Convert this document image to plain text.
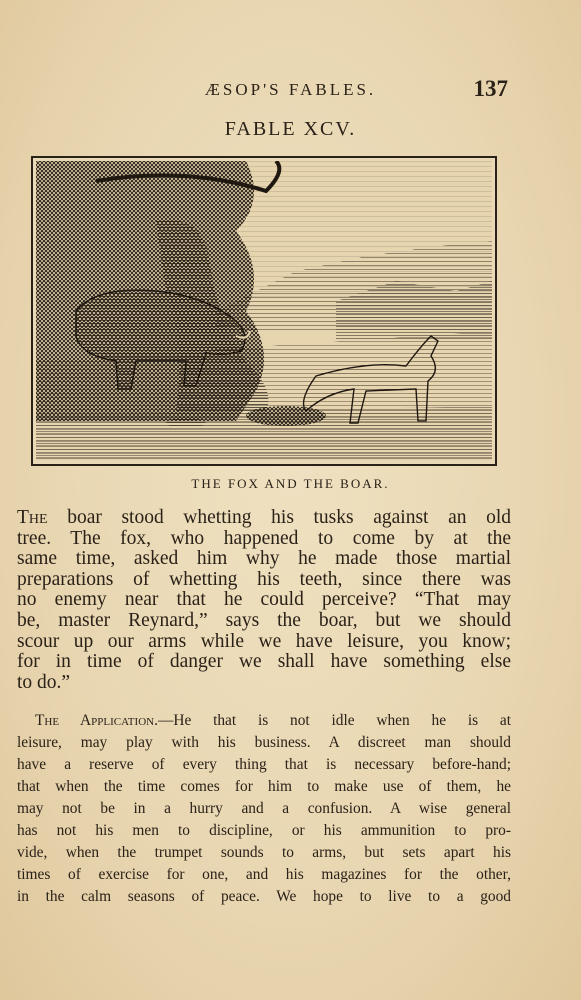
ÆSOP'S FABLES.	137
FABLE XCV.
THE FOX AND THE BOAR.
The boar stood whetting his tusks against an old
tree. The fox, who happened to come by at the
same time, asked him why he made those martial
preparations of whetting his teeth, since there was
no enemy near that he could perceive? “That may
be, master Reynard,” says the boar, but we should
scour up our arms while we have leisure, you know;
for in time of danger we shall have something else
to do.”
The Application.—He that is not idle when he is at
leisure, may play with his business. A discreet man should
have a reserve of every thing that is necessary before-hand;
that when the time comes for him to make use of them, he
may not be in a hurry and a confusion. A wise general
has not his men to discipline, or his ammunition to pro-
vide, when the trumpet sounds to arms, but sets apart his
times of exercise for one, and his magazines for the other,
in the calm seasons of peace. We hope to live to a good
